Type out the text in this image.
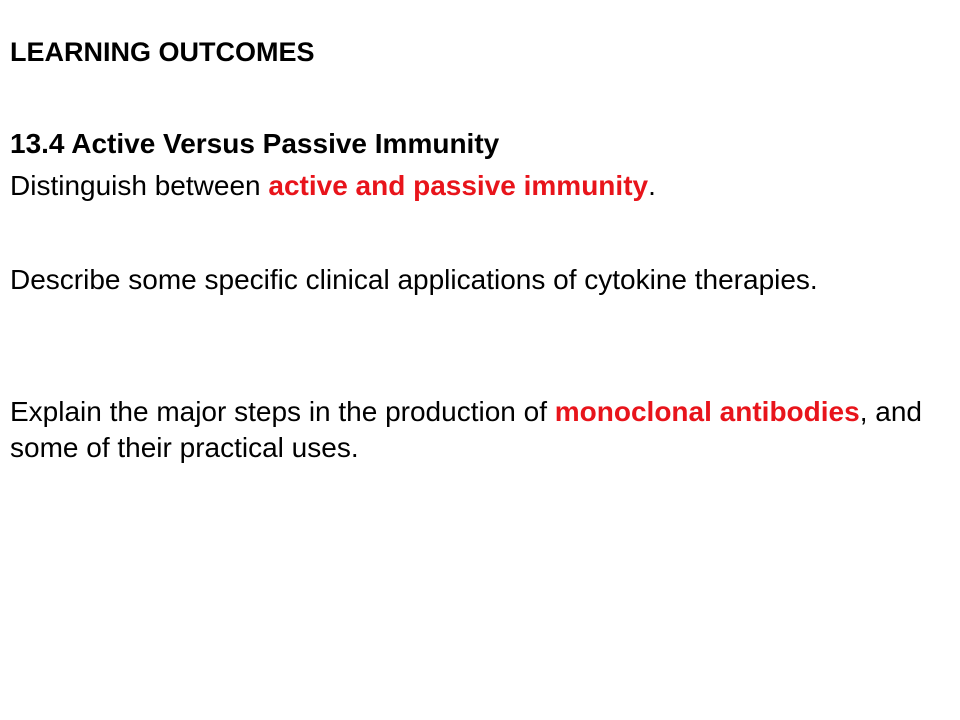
LEARNING OUTCOMES

13.4 Active Versus Passive Immunity

Distinguish between active and passive immunity.

Describe some specific clinical applications of cytokine therapies.

Explain the major steps in the production of monoclonal antibodies, and some of their practical uses.
